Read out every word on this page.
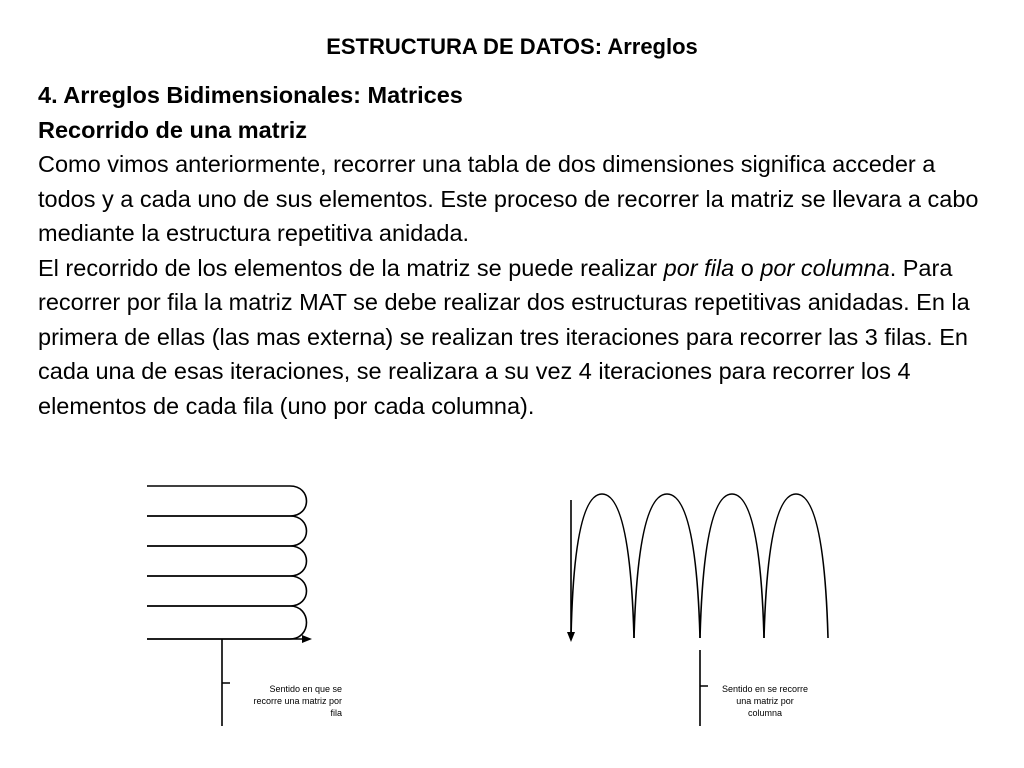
ESTRUCTURA DE DATOS: Arreglos

4. Arreglos Bidimensionales: Matrices

Recorrido de una matriz

Como vimos anteriormente, recorrer una tabla de dos dimensiones significa acceder a todos y a cada uno de sus elementos. Este proceso de recorrer la matriz se llevara a cabo mediante la estructura repetitiva anidada.

El recorrido de los elementos de la matriz se puede realizar por fila o por columna. Para recorrer por fila la matriz MAT se debe realizar dos estructuras repetitivas anidadas. En la primera de ellas (las mas externa) se realizan tres iteraciones para recorrer las 3 filas. En cada una de esas iteraciones, se realizara a su vez 4 iteraciones para recorrer los 4 elementos de cada fila (uno por cada columna).

Sentido en que se
recorre una matriz por
fila
Sentido en se recorre
una matriz por
columna
